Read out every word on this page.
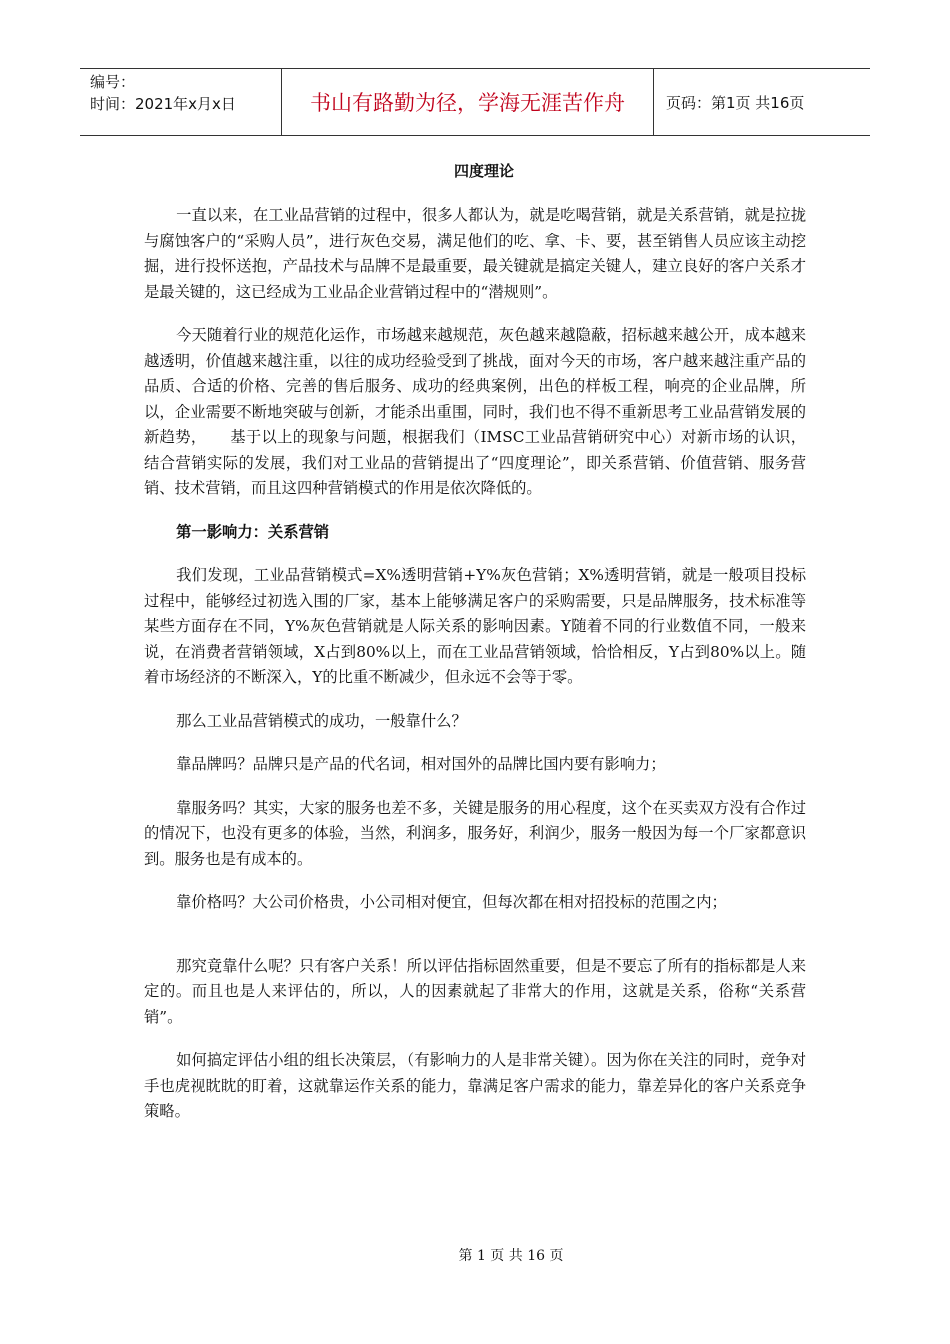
编号：
时间：2021年x月x日	书山有路勤为径，学海无涯苦作舟	页码：第1页 共16页
四度理论

一直以来，在工业品营销的过程中，很多人都认为，就是吃喝营销，就是关系营销，就是拉拢与腐蚀客户的“采购人员”，进行灰色交易，满足他们的吃、拿、卡、要，甚至销售人员应该主动挖掘，进行投怀送抱，产品技术与品牌不是最重要，最关键就是搞定关键人，建立良好的客户关系才是最关键的，这已经成为工业品企业营销过程中的“潜规则”。

今天随着行业的规范化运作，市场越来越规范，灰色越来越隐蔽，招标越来越公开，成本越来越透明，价值越来越注重，以往的成功经验受到了挑战，面对今天的市场，客户越来越注重产品的品质、合适的价格、完善的售后服务、成功的经典案例，出色的样板工程，响亮的企业品牌，所以，企业需要不断地突破与创新，才能杀出重围，同时，我们也不得不重新思考工业品营销发展的新趋势，　　基于以上的现象与问题，根据我们（IMSC工业品营销研究中心）对新市场的认识，结合营销实际的发展，我们对工业品的营销提出了“四度理论”，即关系营销、价值营销、服务营销、技术营销，而且这四种营销模式的作用是依次降低的。

第一影响力：关系营销

我们发现，工业品营销模式=X%透明营销+Y%灰色营销；X%透明营销，就是一般项目投标过程中，能够经过初选入围的厂家，基本上能够满足客户的采购需要，只是品牌服务，技术标准等某些方面存在不同，Y%灰色营销就是人际关系的影响因素。Y随着不同的行业数值不同，一般来说，在消费者营销领域，X占到80%以上，而在工业品营销领域，恰恰相反，Y占到80%以上。随着市场经济的不断深入，Y的比重不断减少，但永远不会等于零。

那么工业品营销模式的成功，一般靠什么？

靠品牌吗？品牌只是产品的代名词，相对国外的品牌比国内要有影响力；

靠服务吗？其实，大家的服务也差不多，关键是服务的用心程度，这个在买卖双方没有合作过的情况下，也没有更多的体验，当然，利润多，服务好，利润少，服务一般因为每一个厂家都意识到。服务也是有成本的。

靠价格吗？大公司价格贵，小公司相对便宜，但每次都在相对招投标的范围之内；

那究竟靠什么呢？只有客户关系！所以评估指标固然重要，但是不要忘了所有的指标都是人来定的。而且也是人来评估的，所以，人的因素就起了非常大的作用，这就是关系，俗称“关系营销”。

如何搞定评估小组的组长决策层，（有影响力的人是非常关键）。因为你在关注的同时，竞争对手也虎视眈眈的盯着，这就靠运作关系的能力，靠满足客户需求的能力，靠差异化的客户关系竞争策略。

第 1 页 共 16 页
